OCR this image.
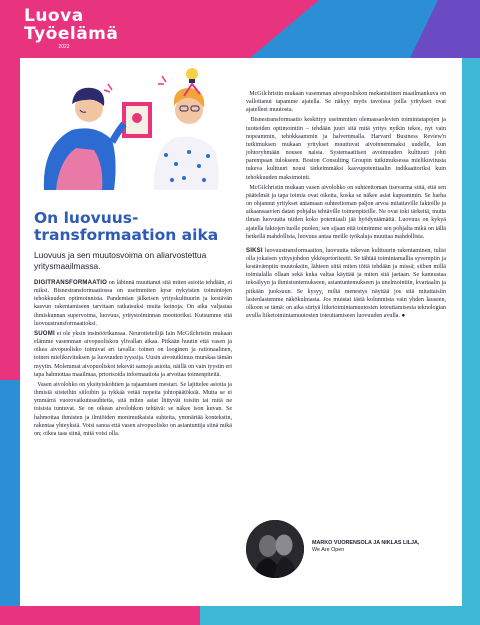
Luova
Työelämä
2022
On luovuus-
transformaation aika
Luovuus ja sen muutosvoima on aliarvostettua yritysmaailmassa.

DIGITRANSFORMAATIO on läbinnä muuttanut sitä miten asioita tehdään, ei miksi. Bisnestransformaatiossa on useimmiten kyse nykyisten toimintojen tehokkuuden optimoinnista. Pandemian jälkeisen yrityskulttuurin ja kestävän kasvun rakentamiseen tarvitaan ratkaisuksi muita keinoja. On aika valjastaa ihmiskunnan supervoima, luovuus, yritystoiminnan moottoriksi. Kutsumme sitä luovuustransformaatioksi.

SUOMI ei ole yksin insinöörikansaa. Neurotieteilijä Iain McGilchristin mukaan elämme vasemman aivopuoliskon ylivallan aikaa. Pitkään huutin että vasen ja oikea aivopuolisko toimivat eri tavalla: toinen on looginen ja rationaalinen, toinen mielikuvituksen ja luovuuden tyyssija. Uusin aivotutkimus murskaa tämän myytin. Molemmat aivopuoliskot tekevät samoja asioita, näillä on vain tyystin eri tapa hahmottaa maailmaa, priorisoida informaatiota ja arvottaa toimenpiteitä.

Vasen aivolohko on yksityiskohtien ja rajaamisen mestari. Se lajittelee asioita ja ihmisiä siisteihin siiloihin ja tykkää vetää nopeita johtopäätöksiä. Mutta se ei ymmärrä vuorovaikutussuhteita, sitä miten asiat liittyvät toisiin tai mitä ne toisista tuntuvat. Se on oikean aivolohkon tehtävä: se näkee ison kuvan. Se hahmottaa ihmisten ja ilmiöiden monimutkaisia suhteita, ymmärtää kontekstin, rakentaa yhteyksiä. Voisi sanoa että vasen aivopuolisko on asiantuntija siinä mikä on; oikea taas siinä, mitä voisi olla.

McGilchristin mukaan vasemman aivopuoliskon mekanistinen maailmankuva on vallottanut tapamme ajatella. Se näkyy myös tavoissa joilla yritykset ovat ajatelleet muutosta.

Bisnestransformaatio keskittyy useimmiten olemassaolevien toimintatapojen ja tuotteiden optimointiin – tehdään juuri sitä mitä yritys nytkin tekee, nyt vain nopeammin, tehokkaammin ja halvemmalla. Harvard Business Review'n tutkimuksen mukaan yritykset muuttuvat aivoinnemmaksi uudelle, kun johtoryhmään nousee naisia. Systemaattisen avoimuuden kulttuuri johti parempaan tulokseen. Boston Consulting Groupin tutkimuksessa mielikuvitusta tukeva kulttuuri nousi tärkeimmäksi kasvupotentiaalin indikaattoriksi kuin tehokkuuden maksimointi.

McGilchristin mukaan vasen aivolohko on suhteettoman itsevarma siitä, että sen päätelmät ja tapa toimia ovat oikeita, koska se näkee asiat kapeammin. Se harha on ohjannut yritykset antamaan suhteettoman paljon arvoa mitattaville faktoille ja aikaansaavien datan pohjalta tehtäville toimenpiteille. Ne ovat toki tärkeitä, mutta ilman luovuutta niiden koko potentiaali jää hyödyntämättä. Luovuus on kykyä ajatella faktojen tuolle puolen; sen sijaan että toimimme sen pohjalta mikä on tällä hetkellä mahdollista, luovuus antaa meille työkaluja muuttaa mahdollista.

SIKSI luovuustransformaation, luovuutta tukevan kulttuurin rakentaminen, tulisi olla jokaisen yritysjohdon ykkösprioriteetti. Se tähtää toimintamallia syvempiin ja kestävämpiin muutoksiin, lähteen siitä miten töitä tehdään ja missä; siihen millä toimialalla ollaan sekä kuka valtaa käyttää ja miten sitä jaetaan. Se kannustaa tekoälyyn ja ihmistuntemukseen, asiantuntemukseen ja unelmointiin, kvartaalin ja pitkään juoksuun. Se kysyy, miltä menestys näyttää jos sitä mitattaisiin lastenlastemme näkökulmasta. Jos muistat tästä kolumnista vain yhden lauseen, olkoon se tämä: on aika siirtyä liiketoimintamuutosten toteuttamisesta teknologian avulla liiketoimintamuutosten toteuttamiseen luovuuden avulla. ●

MARKO VUORENSOLA JA NIKLAS LILJA,
We Are Open
